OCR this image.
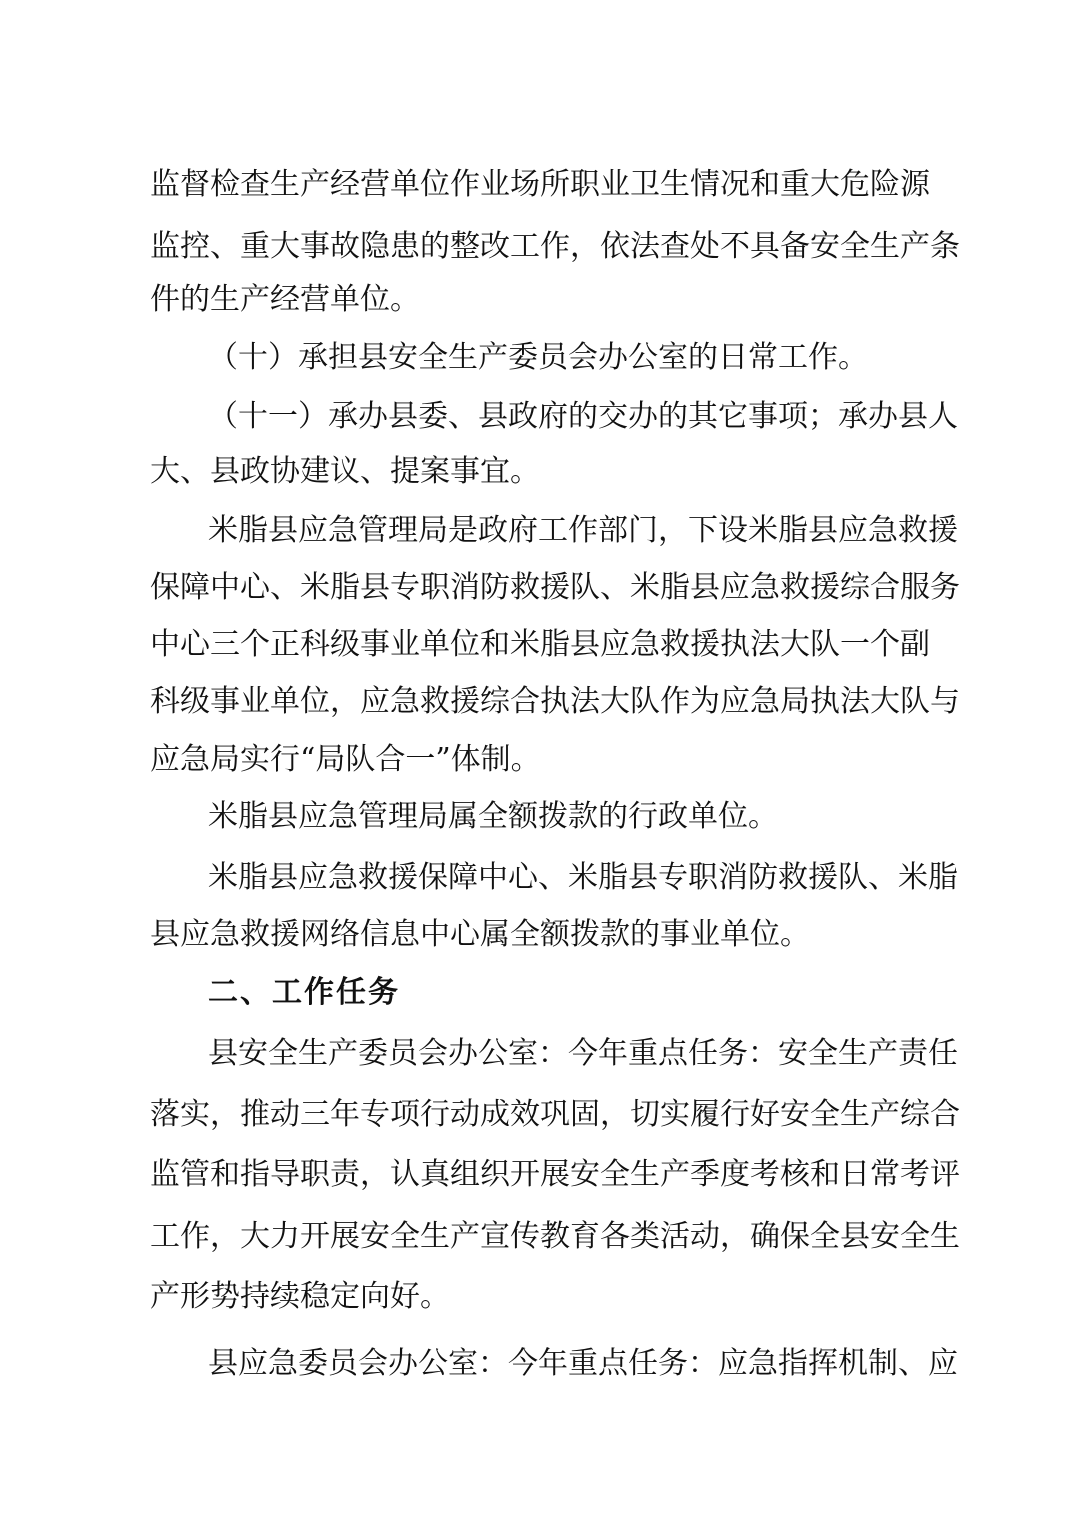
监督检查生产经营单位作业场所职业卫生情况和重大危险源
监控、重大事故隐患的整改工作，依法查处不具备安全生产条
件的生产经营单位。
（十）承担县安全生产委员会办公室的日常工作。
（十一）承办县委、县政府的交办的其它事项；承办县人
大、县政协建议、提案事宜。
米脂县应急管理局是政府工作部门，下设米脂县应急救援
保障中心、米脂县专职消防救援队、米脂县应急救援综合服务
中心三个正科级事业单位和米脂县应急救援执法大队一个副
科级事业单位，应急救援综合执法大队作为应急局执法大队与
应急局实行“局队合一”体制。
米脂县应急管理局属全额拨款的行政单位。
米脂县应急救援保障中心、米脂县专职消防救援队、米脂
县应急救援网络信息中心属全额拨款的事业单位。
二、工作任务
县安全生产委员会办公室：今年重点任务：安全生产责任
落实，推动三年专项行动成效巩固，切实履行好安全生产综合
监管和指导职责，认真组织开展安全生产季度考核和日常考评
工作，大力开展安全生产宣传教育各类活动，确保全县安全生
产形势持续稳定向好。
县应急委员会办公室：今年重点任务：应急指挥机制、应
